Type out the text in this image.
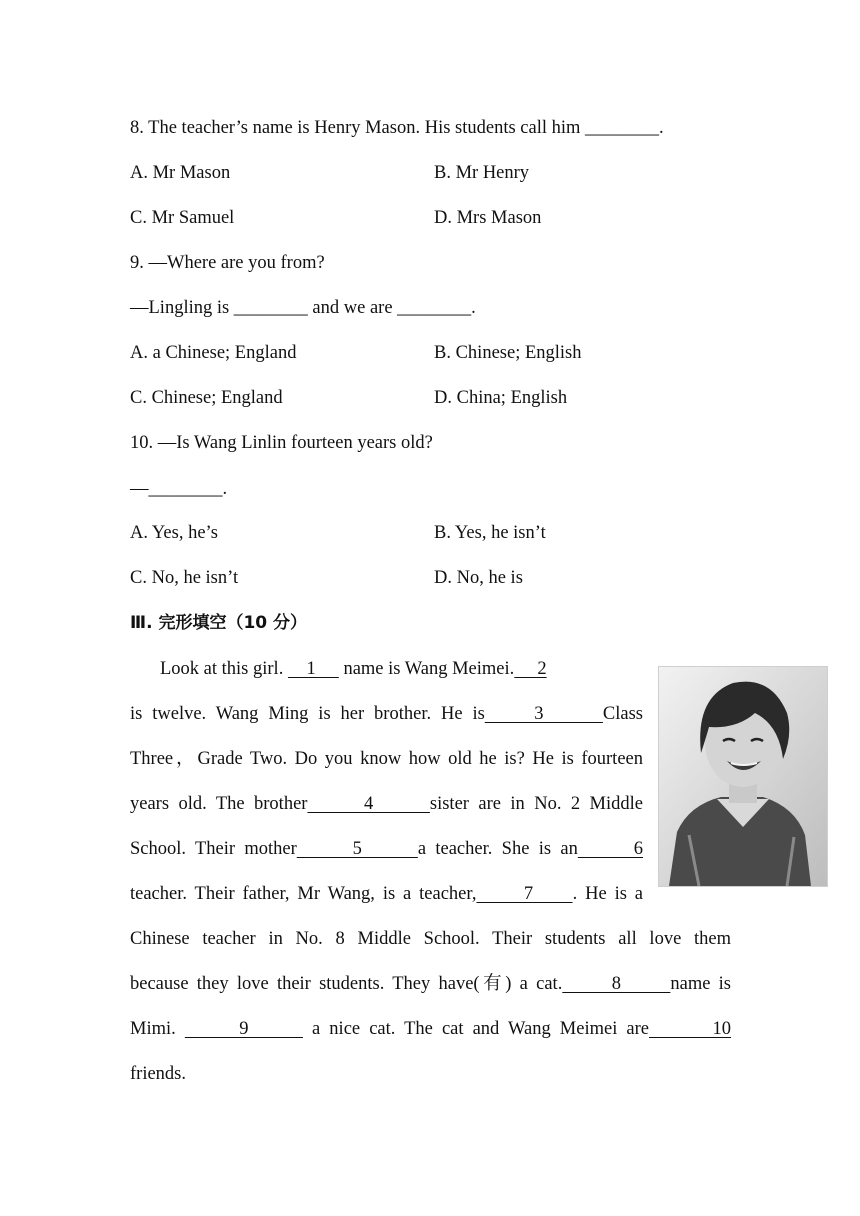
8. The teacher’s name is Henry Mason. His students call him ________.
A. Mr Mason	B. Mr Henry
C. Mr Samuel	D. Mrs Mason
9. —Where are you from?
—Lingling is ________ and we are ________.
A. a Chinese; England	B. Chinese; English
C. Chinese; England	D. China; English
10. —Is Wang Linlin fourteen years old?
—________.
A. Yes, he’s	B. Yes, he isn’t
C. No, he isn’t	D. No, he is
Ⅲ. 完形填空（10 分）
Look at this girl.     1      name is Wang Meimei.     2
is twelve. Wang Ming is her brother. He is     3      Class
Three，Grade Two. Do you know how old he is? He is fourteen
years old. The brother      4      sister are in No. 2 Middle
School. Their mother      5      a teacher. She is an      6
teacher. Their father, Mr Wang, is a teacher,      7     . He is a
Chinese teacher in No. 8 Middle School. Their students all love them
because they love their students. They have(有) a cat.      8      name is
Mimi.       9       a nice cat. The cat and Wang Meimei are       10
friends.
